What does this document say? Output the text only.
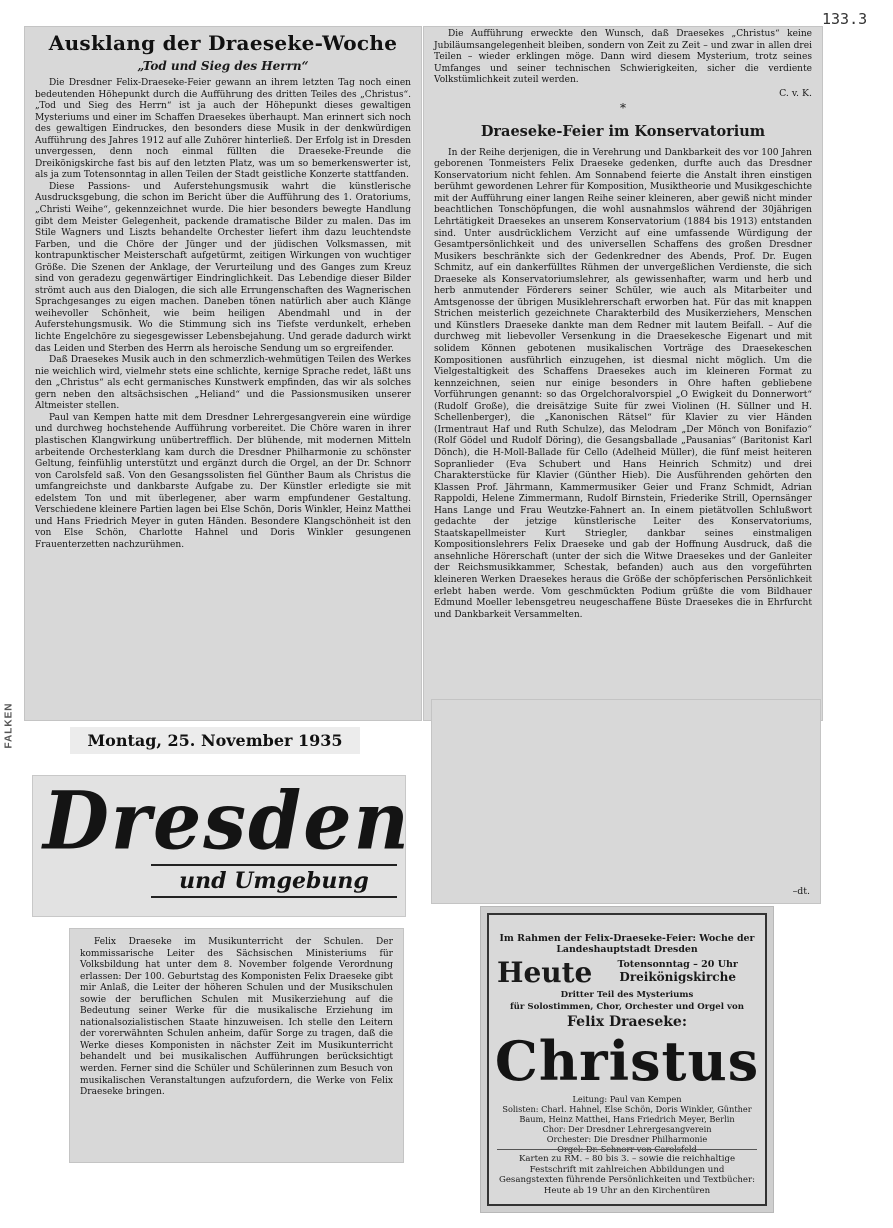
133.3
FALKEN
Ausklang der Draeseke-Woche
„Tod und Sieg des Herrn“

Die Dresdner Felix-Draeseke-Feier gewann an ihrem letzten Tag noch einen bedeutenden Höhepunkt durch die Aufführung des dritten Teiles des „Christus“. „Tod und Sieg des Herrn“ ist ja auch der Höhepunkt dieses gewaltigen Mysteriums und einer im Schaffen Draesekes überhaupt. Man erinnert sich noch des gewaltigen Eindruckes, den besonders diese Musik in der denkwürdigen Aufführung des Jahres 1912 auf alle Zuhörer hinterließ. Der Erfolg ist in Dresden unvergessen, denn noch einmal füllten die Draeseke-Freunde die Dreikönigskirche fast bis auf den letzten Platz, was um so bemerkenswerter ist, als ja zum Totensonntag in allen Teilen der Stadt geistliche Konzerte stattfanden.

Diese Passions- und Auferstehungsmusik wahrt die künstlerische Ausdrucksgebung, die schon im Bericht über die Aufführung des 1. Oratoriums, „Christi Weihe“, gekennzeichnet wurde. Die hier besonders bewegte Handlung gibt dem Meister Gelegenheit, packende dramatische Bilder zu malen. Das im Stile Wagners und Liszts behandelte Orchester liefert ihm dazu leuchtendste Farben, und die Chöre der Jünger und der jüdischen Volksmassen, mit kontrapunktischer Meisterschaft aufgetürmt, zeitigen Wirkungen von wuchtiger Größe. Die Szenen der Anklage, der Verurteilung und des Ganges zum Kreuz sind von geradezu gegenwärtiger Eindringlichkeit. Das Lebendige dieser Bilder strömt auch aus den Dialogen, die sich alle Errungenschaften des Wagnerischen Sprachgesanges zu eigen machen. Daneben tönen natürlich aber auch Klänge weihevoller Schönheit, wie beim heiligen Abendmahl und in der Auferstehungsmusik. Wo die Stimmung sich ins Tiefste verdunkelt, erheben lichte Engelchöre zu siegesgewisser Lebensbejahung. Und gerade dadurch wirkt das Leiden und Sterben des Herrn als heroische Sendung um so ergreifender.

Daß Draesekes Musik auch in den schmerzlich-wehmütigen Teilen des Werkes nie weichlich wird, vielmehr stets eine schlichte, kernige Sprache redet, läßt uns den „Christus“ als echt germanisches Kunstwerk empfinden, das wir als solches gern neben den altsächsischen „Heliand“ und die Passionsmusiken unserer Altmeister stellen.

Paul van Kempen hatte mit dem Dresdner Lehrergesangverein eine würdige und durchweg hochstehende Aufführung vorbereitet. Die Chöre waren in ihrer plastischen Klangwirkung unübertrefflich. Der blühende, mit modernen Mitteln arbeitende Orchesterklang kam durch die Dresdner Philharmonie zu schönster Geltung, feinfühlig unterstützt und ergänzt durch die Orgel, an der Dr. Schnorr von Carolsfeld saß. Von den Gesangssolisten fiel Günther Baum als Christus die umfangreichste und dankbarste Aufgabe zu. Der Künstler erledigte sie mit edelstem Ton und mit überlegener, aber warm empfundener Gestaltung. Verschiedene kleinere Partien lagen bei Else Schön, Doris Winkler, Heinz Matthei und Hans Friedrich Meyer in guten Händen. Besondere Klangschönheit ist den von Else Schön, Charlotte Hahnel und Doris Winkler gesungenen Frauenterzetten nachzurühmen.

Die Aufführung erweckte den Wunsch, daß Draesekes „Christus“ keine Jubiläumsangelegenheit bleiben, sondern von Zeit zu Zeit – und zwar in allen drei Teilen – wieder erklingen möge. Dann wird diesem Mysterium, trotz seines Umfanges und seiner technischen Schwierigkeiten, sicher die verdiente Volkstümlichkeit zuteil werden.

C. v. K.
*
Draeseke-Feier im Konservatorium

In der Reihe derjenigen, die in Verehrung und Dankbarkeit des vor 100 Jahren geborenen Tonmeisters Felix Draeseke gedenken, durfte auch das Dresdner Konservatorium nicht fehlen. Am Sonnabend feierte die Anstalt ihren einstigen berühmt gewordenen Lehrer für Komposition, Musiktheorie und Musikgeschichte mit der Aufführung einer langen Reihe seiner kleineren, aber gewiß nicht minder beachtlichen Tonschöpfungen, die wohl ausnahmslos während der 30jährigen Lehrtätigkeit Draesekes an unserem Konservatorium (1884 bis 1913) entstanden sind. Unter ausdrücklichem Verzicht auf eine umfassende Würdigung der Gesamtpersönlichkeit und des universellen Schaffens des großen Dresdner Musikers beschränkte sich der Gedenkredner des Abends, Prof. Dr. Eugen Schmitz, auf ein dankerfülltes Rühmen der unvergeßlichen Verdienste, die sich Draeseke als Konservatoriumslehrer, als gewissenhafter, warm und herb und herb anmutender Förderers seiner Schüler, wie auch als Mitarbeiter und Amtsgenosse der übrigen Musiklehrerschaft erworben hat. Für das mit knappen Strichen meisterlich gezeichnete Charakterbild des Musikerziehers, Menschen und Künstlers Draeseke dankte man dem Redner mit lautem Beifall. – Auf die durchweg mit liebevoller Versenkung in die Draesekesche Eigenart und mit solidem Können gebotenen musikalischen Vorträge des Draesekeschen Kompositionen ausführlich einzugehen, ist diesmal nicht möglich. Um die Vielgestaltigkeit des Schaffens Draesekes auch im kleineren Format zu kennzeichnen, seien nur einige besonders in Ohre haften gebliebene Vorführungen genannt: so das Orgelchoralvorspiel „O Ewigkeit du Donnerwort“ (Rudolf Große), die dreisätzige Suite für zwei Violinen (H. Süllner und H. Schellenberger), die „Kanonischen Rätsel“ für Klavier zu vier Händen (Irmentraut Haf und Ruth Schulze), das Melodram „Der Mönch von Bonifazio“ (Rolf Gödel und Rudolf Döring), die Gesangsballade „Pausanias“ (Baritonist Karl Dönch), die H-Moll-Ballade für Cello (Adelheid Müller), die fünf meist heiteren Sopranlieder (Eva Schubert und Hans Heinrich Schmitz) und drei Charakterstücke für Klavier (Günther Hieb). Die Ausführenden gehörten den Klassen Prof. Jährmann, Kammermusiker Geier und Franz Schmidt, Adrian Rappoldi, Helene Zimmermann, Rudolf Birnstein, Friederike Strill, Opernsänger Hans Lange und Frau Weutzke-Fahnert an. In einem pietätvollen Schlußwort gedachte der jetzige künstlerische Leiter des Konservatoriums, Staatskapellmeister Kurt Striegler, dankbar seines einstmaligen Kompositionslehrers Felix Draeseke und gab der Hoffnung Ausdruck, daß die ansehnliche Hörerschaft (unter der sich die Witwe Draesekes und der Ganleiter der Reichsmusikkammer, Schestak, befanden) auch aus den vorgeführten kleineren Werken Draesekes heraus die Größe der schöpferischen Persönlichkeit erlebt haben werde. Vom geschmückten Podium grüßte die vom Bildhauer Edmund Moeller lebensgetreu neugeschaffene Büste Draesekes die in Ehrfurcht und Dankbarkeit Versammelten.

–dt.
Montag, 25. November 1935
Dresden
und Umgebung

Felix Draeseke im Musikunterricht der Schulen. Der kommissarische Leiter des Sächsischen Ministeriums für Volksbildung hat unter dem 8. November folgende Verordnung erlassen: Der 100. Geburtstag des Komponisten Felix Draeseke gibt mir Anlaß, die Leiter der höheren Schulen und der Musikschulen sowie der beruflichen Schulen mit Musikerziehung auf die Bedeutung seiner Werke für die musikalische Erziehung im nationalsozialistischen Staate hinzuweisen. Ich stelle den Leitern der vorerwähnten Schulen anheim, dafür Sorge zu tragen, daß die Werke dieses Komponisten in nächster Zeit im Musikunterricht behandelt und bei musikalischen Aufführungen berücksichtigt werden. Ferner sind die Schüler und Schülerinnen zum Besuch von musikalischen Veranstaltungen aufzufordern, die Werke von Felix Draeseke bringen.

Im Rahmen der Felix-Draeseke-Feier: Woche der Landeshauptstadt Dresden
Heute	Totensonntag – 20 Uhr
Dreikönigskirche
Dritter Teil des Mysteriums
für Solostimmen, Chor, Orchester und Orgel von
Felix Draeseke:
Christus
Leitung: Paul van Kempen
Solisten: Charl. Hahnel, Else Schön, Doris Winkler, Günther Baum, Heinz Matthei, Hans Friedrich Meyer, Berlin
Chor: Der Dresdner Lehrergesangverein
Orchester: Die Dresdner Philharmonie
Orgel: Dr. Schnorr von Carolsfeld
Karten zu RM. – 80 bis 3. – sowie die reichhaltige Festschrift mit zahlreichen Abbildungen und Gesangstexten führende Persönlichkeiten und Textbücher: Heute ab 19 Uhr an den Kirchentüren
